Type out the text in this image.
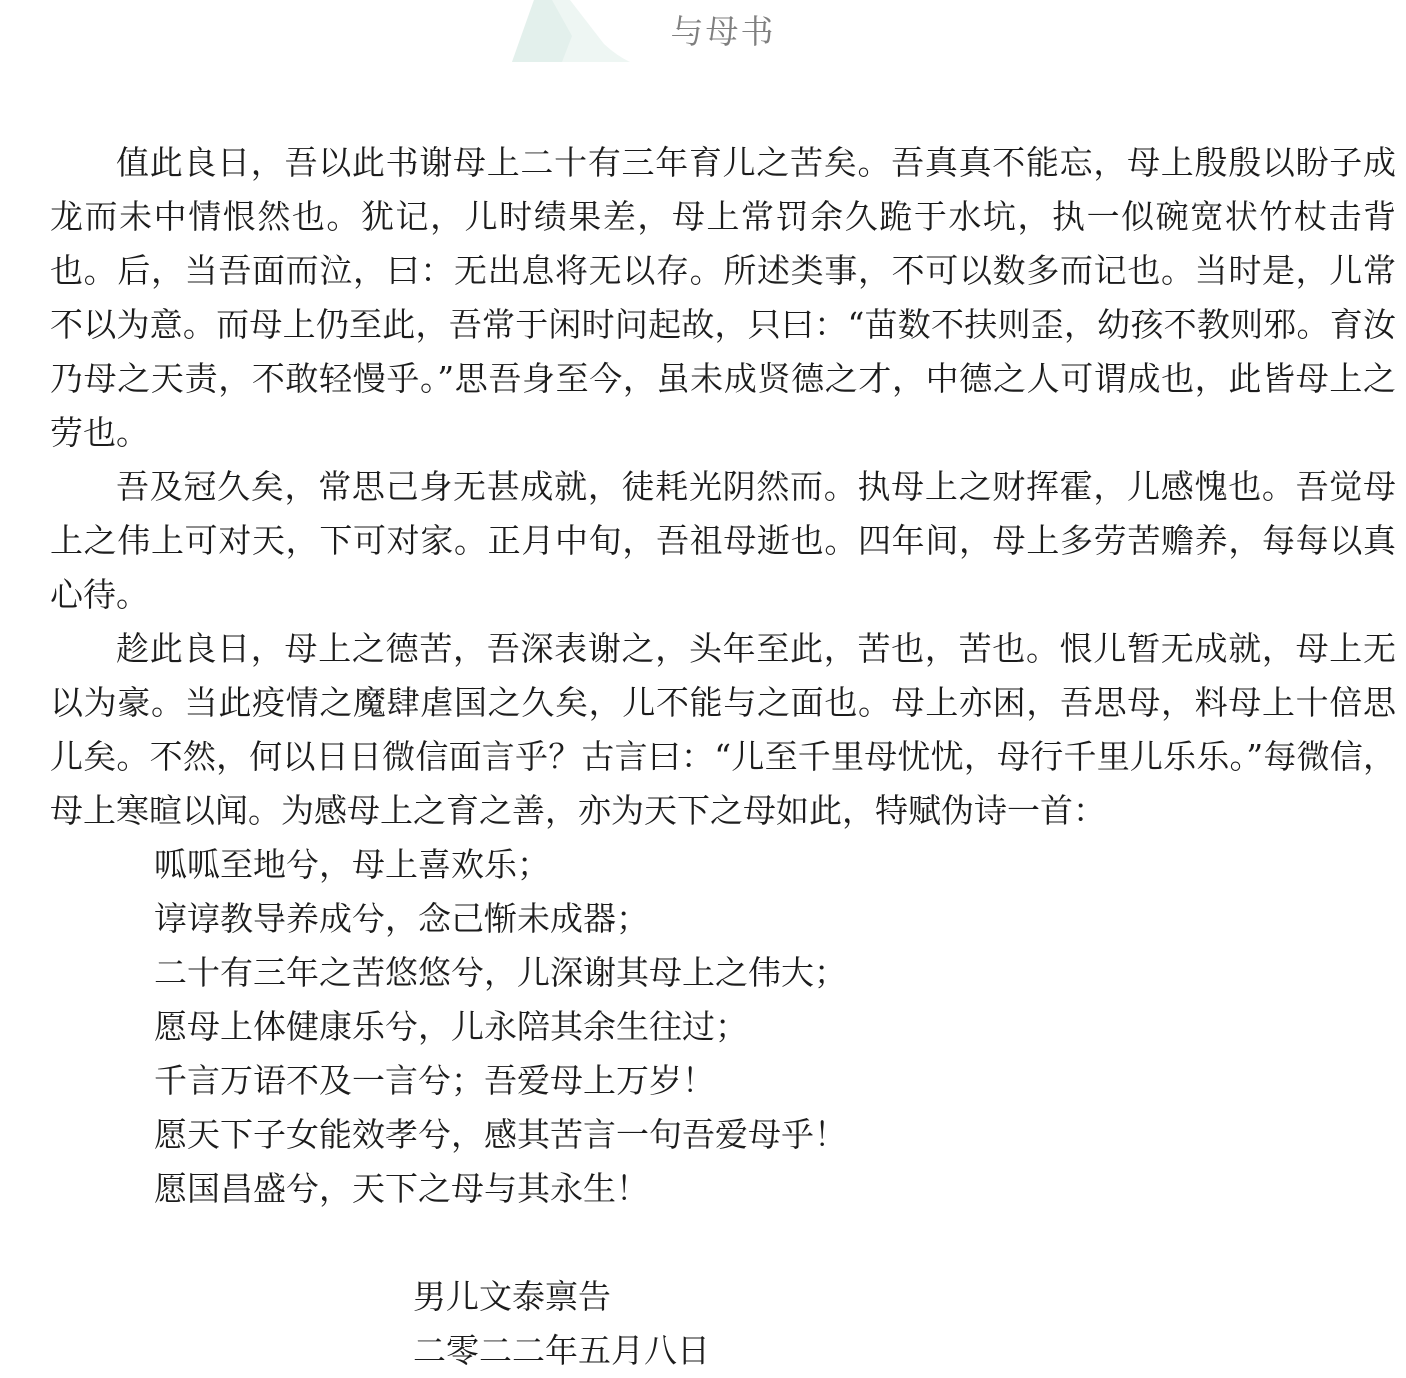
与母书

值此良日，吾以此书谢母上二十有三年育儿之苦矣。吾真真不能忘，母上殷殷以盼子成龙而未中情恨然也。犹记，儿时绩果差，母上常罚余久跪于水坑，执一似碗宽状竹杖击背也。后，当吾面而泣，曰：无出息将无以存。所述类事，不可以数多而记也。当时是，儿常不以为意。而母上仍至此，吾常于闲时问起故，只曰：“苗数不扶则歪，幼孩不教则邪。育汝乃母之天责，不敢轻慢乎。”思吾身至今，虽未成贤德之才，中德之人可谓成也，此皆母上之劳也。

吾及冠久矣，常思己身无甚成就，徒耗光阴然而。执母上之财挥霍，儿感愧也。吾觉母上之伟上可对天，下可对家。正月中旬，吾祖母逝也。四年间，母上多劳苦赡养，每每以真心待。

趁此良日，母上之德苦，吾深表谢之，头年至此，苦也，苦也。恨儿暂无成就，母上无以为豪。当此疫情之魔肆虐国之久矣，儿不能与之面也。母上亦困，吾思母，料母上十倍思儿矣。不然，何以日日微信面言乎？古言曰：“儿至千里母忧忧，母行千里儿乐乐。”每微信，母上寒暄以闻。为感母上之育之善，亦为天下之母如此，特赋伪诗一首：

呱呱至地兮，母上喜欢乐；
谆谆教导养成兮，念己惭未成器；
二十有三年之苦悠悠兮，儿深谢其母上之伟大；
愿母上体健康乐兮，儿永陪其余生往过；
千言万语不及一言兮；吾爱母上万岁！
愿天下子女能效孝兮，感其苦言一句吾爱母乎！
愿国昌盛兮，天下之母与其永生！
男儿文泰禀告
二零二二年五月八日
